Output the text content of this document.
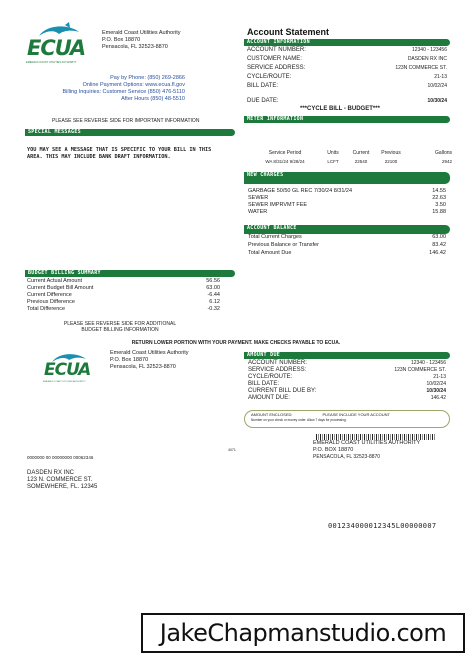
ECUA
EMERALD COAST UTILITIES AUTHORITY
Emerald Coast Utilities Authority
P.O. Box 18870
Pensacola, FL 32523-8870
Pay by Phone: (850) 269-2866
Online Payment Options: www.ecua.fl.gov
Billing Inquiries: Customer Service (850) 476-5110
After Hours (850) 48-5510
PLEASE SEE REVERSE SIDE FOR IMPORTANT INFORMATION
Account Statement
ACCOUNT INFORMATION
ACCOUNT NUMBER:	12340 - 123456
CUSTOMER NAME:	DASDEN RX INC
SERVICE ADDRESS:	123N COMMERCE ST.
CYCLE/ROUTE:	21-13
BILL DATE:	10/02/24
DUE DATE:	10/30/24
***CYCLE BILL - BUDGET***
SPECIAL MESSAGES
YOU MAY SEE A MESSAGE THAT IS SPECIFIC TO YOUR BILL IN THIS AREA. THIS MAY INCLUDE BANK DRAFT INFORMATION.
METER INFORMATION
Service Period	Units	Current	Previous	Gallons
WA 8/31/24 9/28/24	LCFT	22540	22100	2942
NEW CHARGES
GARBAGE 50/50 GL REC 7/30/24 8/31/24	14.55
SEWER	22.63
SEWER IMPRVMT FEE	3.50
WATER	15.88
ACCOUNT BALANCE
Total Current Charges	63.00
Previous Balance or Transfer	83.42
Total Amount Due	146.42
BUDGET BILLING SUMMARY
Current Actual Amount	56.56
Current Budget Bill Amount	63.00
Current Difference	-6.44
Previous Difference	6.12
Total Difference	-0.32
PLEASE SEE REVERSE SIDE FOR ADDITIONAL
BUDGET BILLING INFORMATION
RETURN LOWER PORTION WITH YOUR PAYMENT. MAKE CHECKS PAYABLE TO ECUA.
ECUA
EMERALD COAST UTILITIES AUTHORITY
Emerald Coast Utilities Authority
P.O. Box 18870
Pensacola, FL 32523-8870
AMOUNT DUE
ACCOUNT NUMBER:	12340 - 123456
SERVICE ADDRESS:	123N COMMERCE ST.
CYCLE/ROUTE:	21-13
BILL DATE:	10/02/24
CURRENT BILL DUE BY:	10/30/24
AMOUNT DUE:	146.42
AMOUNT ENCLOSED:	PLEASE INCLUDE YOUR ACCOUNT
Number on your check or money order. Allow 7 days for processing.
4071
EMERALD COAST UTILITIES AUTHORITY
P.O. BOX 18870
PENSACOLA, FL 32523-8870
0000000 00 00000000 00062346
DASDEN RX INC
123 N. COMMERCE ST.
SOMEWHERE, FL. 12345
001234000012345L00000007
JakeChapmanstudio.com
